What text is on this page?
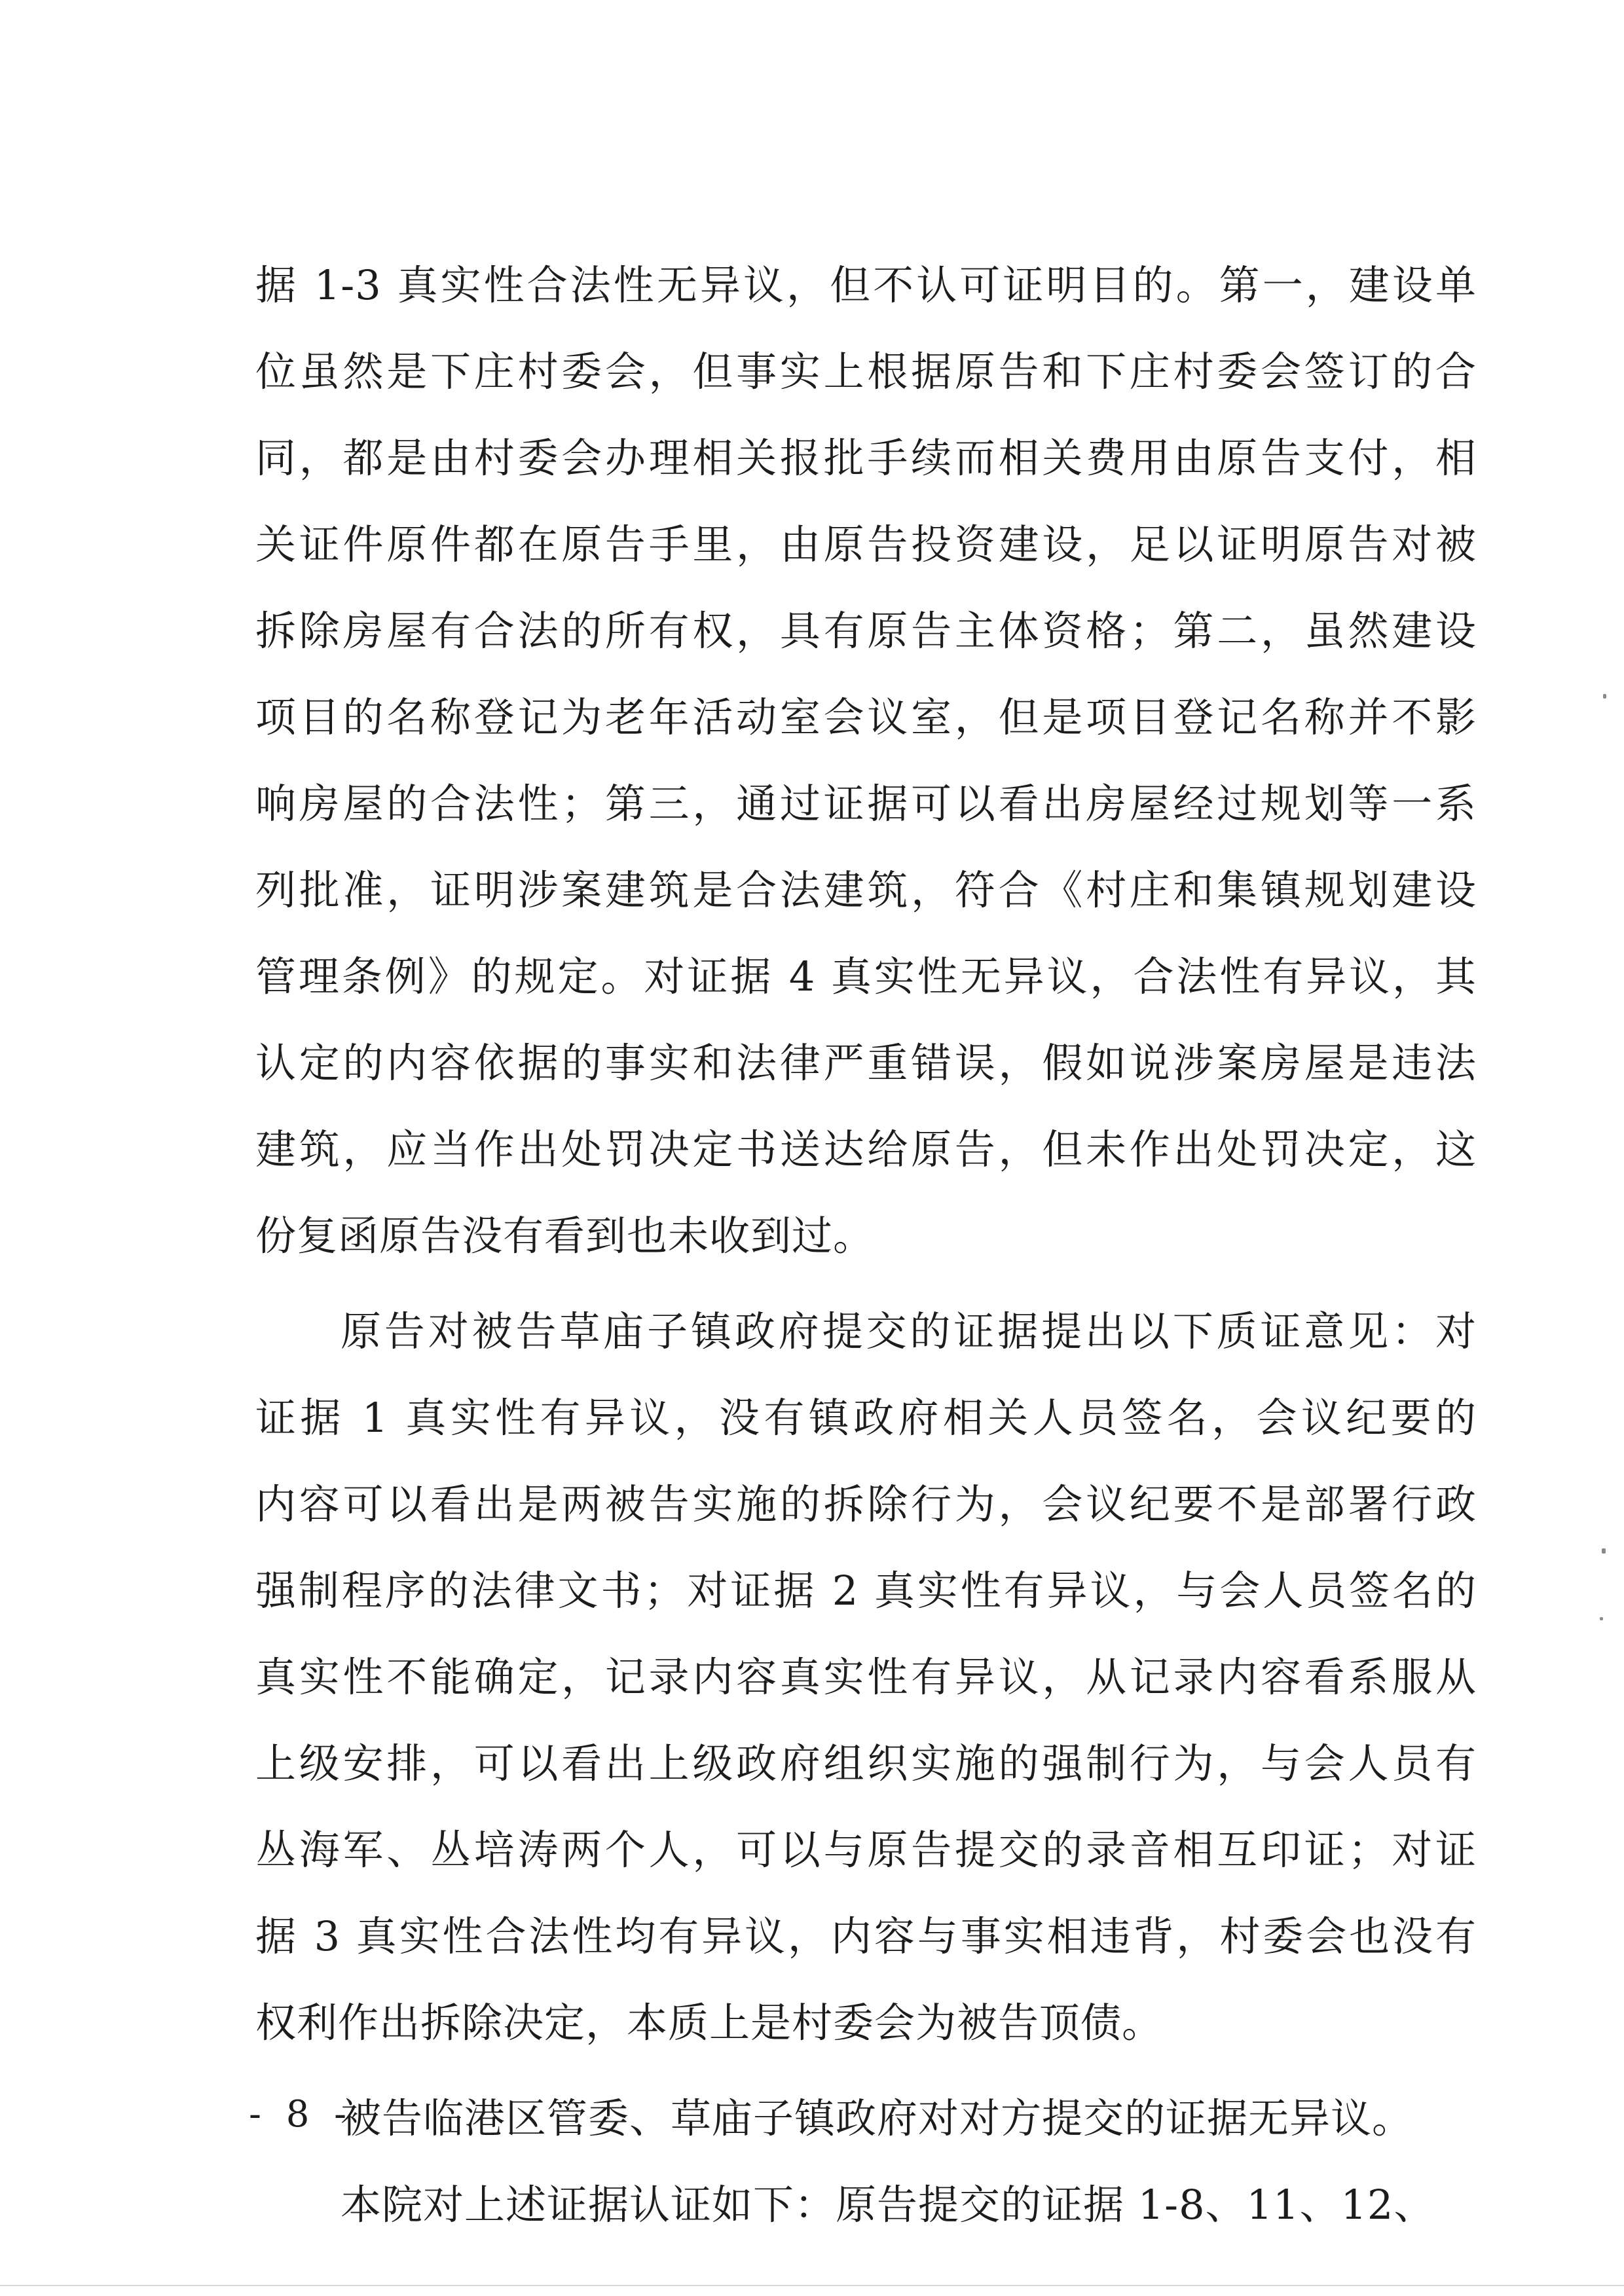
据 1-3 真实性合法性无异议，但不认可证明目的。第一，建设单
位虽然是下庄村委会，但事实上根据原告和下庄村委会签订的合
同，都是由村委会办理相关报批手续而相关费用由原告支付，相
关证件原件都在原告手里，由原告投资建设，足以证明原告对被
拆除房屋有合法的所有权，具有原告主体资格；第二，虽然建设
项目的名称登记为老年活动室会议室，但是项目登记名称并不影
响房屋的合法性；第三，通过证据可以看出房屋经过规划等一系
列批准，证明涉案建筑是合法建筑，符合《村庄和集镇规划建设
管理条例》的规定。对证据 4 真实性无异议，合法性有异议，其
认定的内容依据的事实和法律严重错误，假如说涉案房屋是违法
建筑，应当作出处罚决定书送达给原告，但未作出处罚决定，这
份复函原告没有看到也未收到过。
原告对被告草庙子镇政府提交的证据提出以下质证意见：对
证据 1 真实性有异议，没有镇政府相关人员签名，会议纪要的
内容可以看出是两被告实施的拆除行为，会议纪要不是部署行政
强制程序的法律文书；对证据 2 真实性有异议，与会人员签名的
真实性不能确定，记录内容真实性有异议，从记录内容看系服从
上级安排，可以看出上级政府组织实施的强制行为，与会人员有
丛海军、丛培涛两个人，可以与原告提交的录音相互印证；对证
据 3 真实性合法性均有异议，内容与事实相违背，村委会也没有
权利作出拆除决定，本质上是村委会为被告顶债。
被告临港区管委、草庙子镇政府对对方提交的证据无异议。
本院对上述证据认证如下：原告提交的证据 1-8、11、12、
- 8 -
